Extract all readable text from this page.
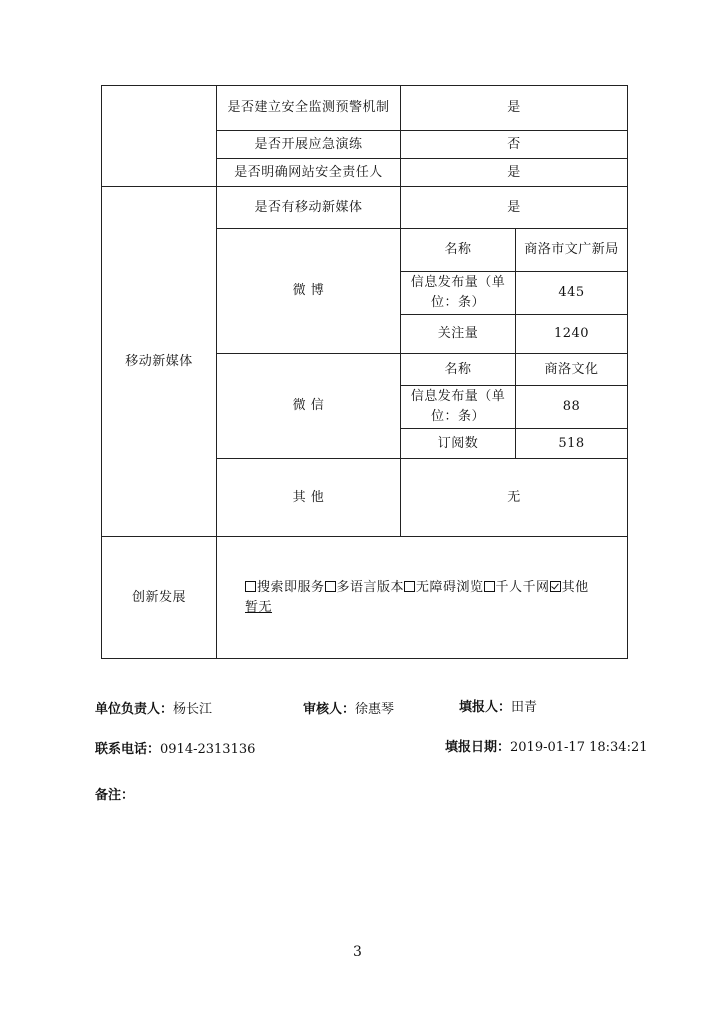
	是否建立安全监测预警机制	是	
	是否开展应急演练	否	
	是否明确网站安全责任人	是	
移动新媒体	是否有移动新媒体	是	
	微 博	名称	商洛市文广新局
		信息发布量（单位：条）	445
		关注量	1240
	微 信	名称	商洛文化
		信息发布量（单位：条）	88
		订阅数	518
	其 他	无	
创新发展	搜索即服务 多语言版本 无障碍浏览 千人千网 其他
暂无		
单位负责人：杨长江	审核人：徐惠琴	填报人：田青
联系电话：0914-2313136	填报日期：2019-01-17 18:34:21
备注：
3
